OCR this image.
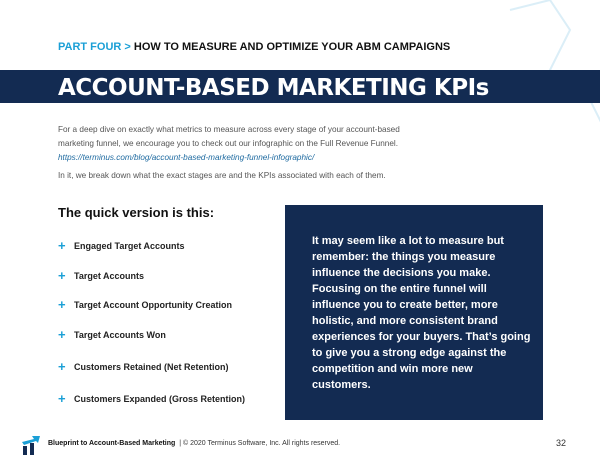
PART FOUR > HOW TO MEASURE AND OPTIMIZE YOUR ABM CAMPAIGNS
ACCOUNT-BASED MARKETING KPIs
For a deep dive on exactly what metrics to measure across every stage of your account-based marketing funnel, we encourage you to check out our infographic on the Full Revenue Funnel.
https://terminus.com/blog/account-based-marketing-funnel-infographic/
In it, we break down what the exact stages are and the KPIs associated with each of them.
The quick version is this:
+ Engaged Target Accounts
+ Target Accounts
+ Target Account Opportunity Creation
+ Target Accounts Won
+ Customers Retained (Net Retention)
+ Customers Expanded (Gross Retention)

It may seem like a lot to measure but remember: the things you measure influence the decisions you make. Focusing on the entire funnel will influence you to create better, more holistic, and more consistent brand experiences for your buyers. That’s going to give you a strong edge against the competition and win more new customers.

Blueprint to Account-Based Marketing | © 2020 Terminus Software, Inc. All rights reserved.	32
